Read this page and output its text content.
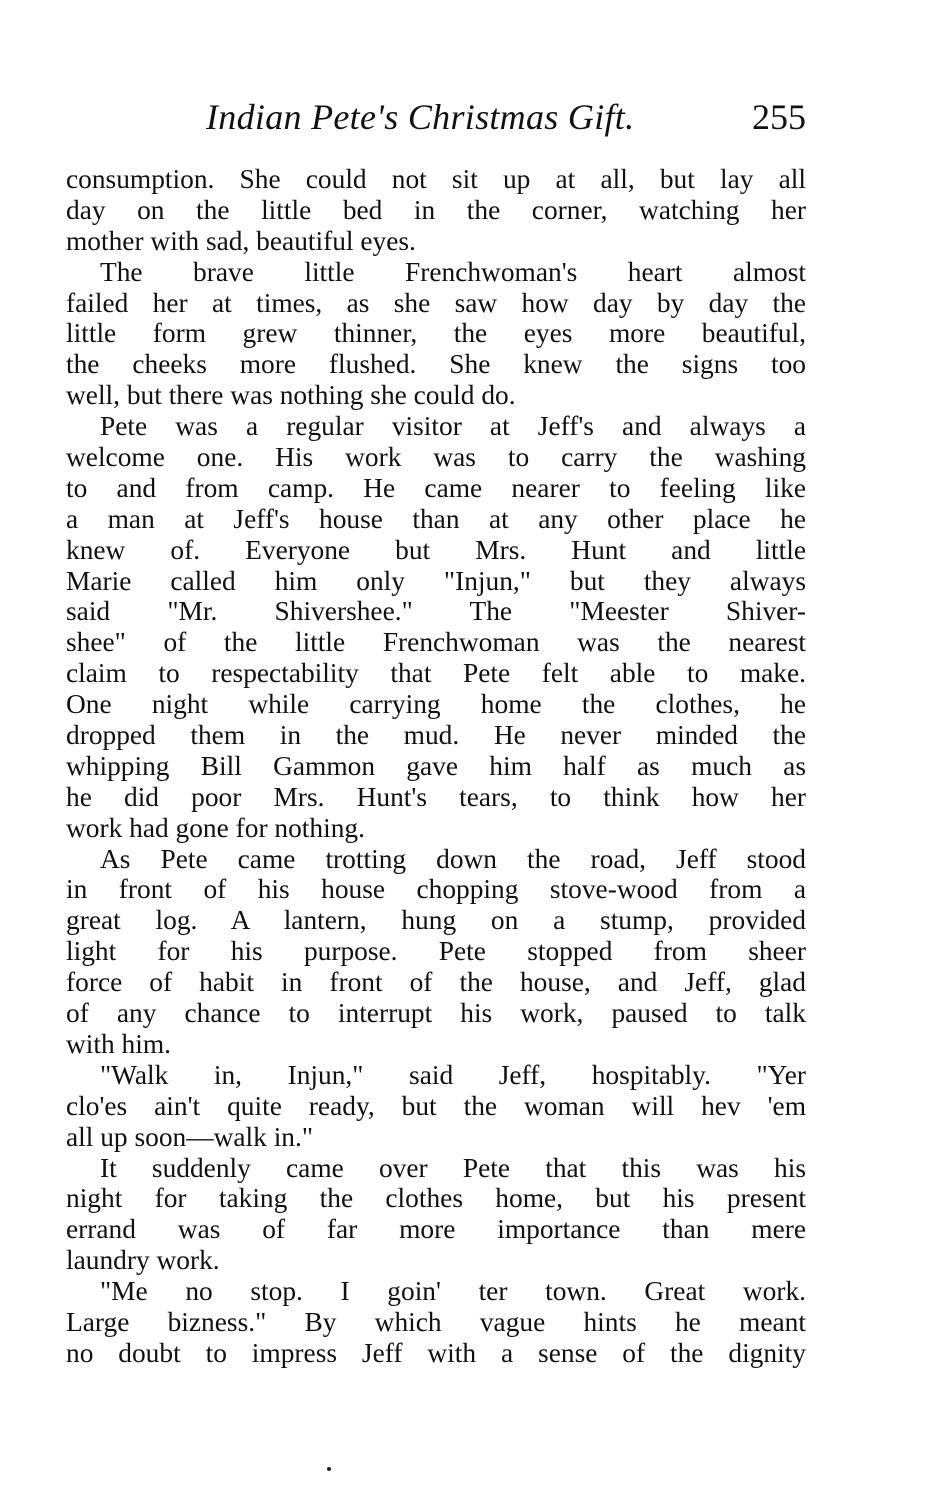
Indian Pete's Christmas Gift.	255
consumption. She could not sit up at all, but lay all
day on the little bed in the corner, watching her
mother with sad, beautiful eyes.
The brave little Frenchwoman's heart almost
failed her at times, as she saw how day by day the
little form grew thinner, the eyes more beautiful,
the cheeks more flushed. She knew the signs too
well, but there was nothing she could do.
Pete was a regular visitor at Jeff's and always a
welcome one. His work was to carry the washing
to and from camp. He came nearer to feeling like
a man at Jeff's house than at any other place he
knew of. Everyone but Mrs. Hunt and little
Marie called him only "Injun," but they always
said "Mr. Shivershee." The "Meester Shiver-
shee" of the little Frenchwoman was the nearest
claim to respectability that Pete felt able to make.
One night while carrying home the clothes, he
dropped them in the mud. He never minded the
whipping Bill Gammon gave him half as much as
he did poor Mrs. Hunt's tears, to think how her
work had gone for nothing.
As Pete came trotting down the road, Jeff stood
in front of his house chopping stove-wood from a
great log. A lantern, hung on a stump, provided
light for his purpose. Pete stopped from sheer
force of habit in front of the house, and Jeff, glad
of any chance to interrupt his work, paused to talk
with him.
"Walk in, Injun," said Jeff, hospitably. "Yer
clo'es ain't quite ready, but the woman will hev 'em
all up soon—walk in."
It suddenly came over Pete that this was his
night for taking the clothes home, but his present
errand was of far more importance than mere
laundry work.
"Me no stop. I goin' ter town. Great work.
Large bizness." By which vague hints he meant
no doubt to impress Jeff with a sense of the dignity
